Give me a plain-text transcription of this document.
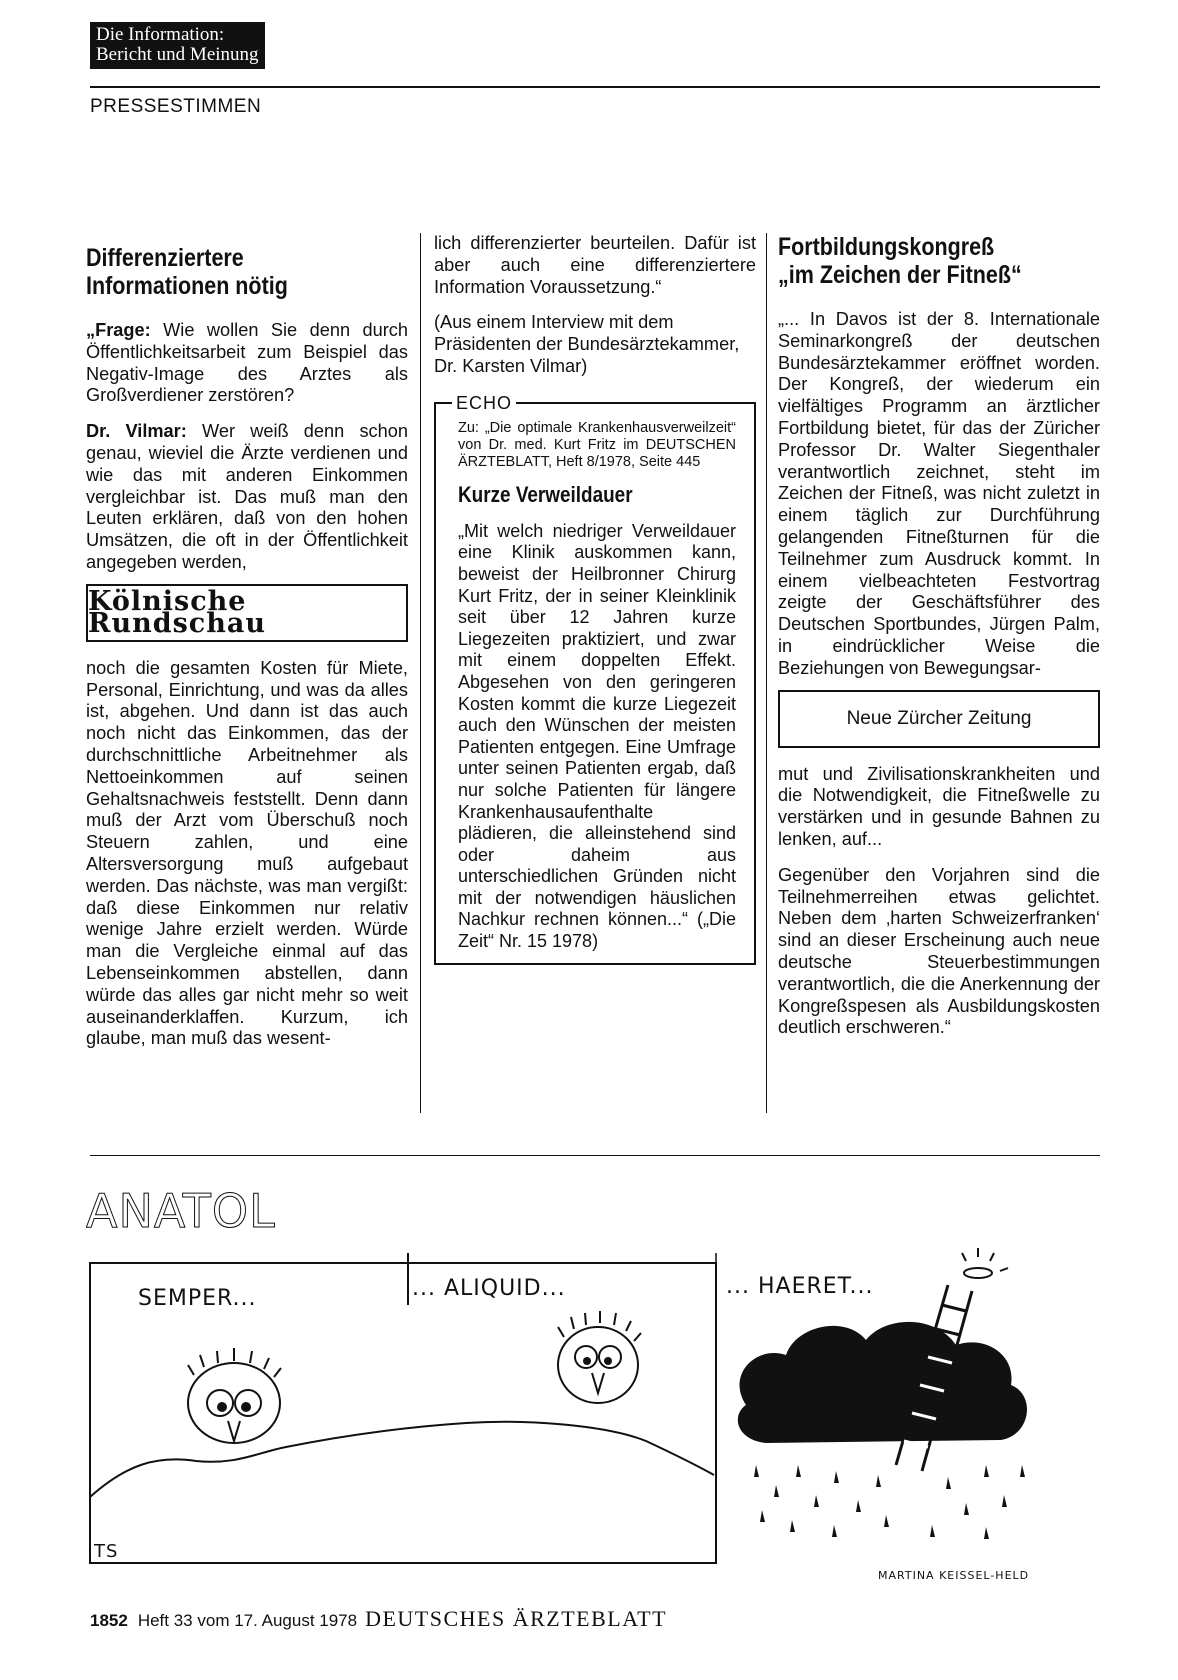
Die Information:
Bericht und Meinung
PRESSESTIMMEN
Differenziertere
Informationen nötig

„Frage: Wie wollen Sie denn durch Öffentlichkeitsarbeit zum Beispiel das Negativ-Image des Arztes als Großverdiener zerstören?

Dr. Vilmar: Wer weiß denn schon genau, wieviel die Ärzte verdienen und wie das mit anderen Einkommen vergleichbar ist. Das muß man den Leuten erklären, daß von den hohen Umsätzen, die oft in der Öffentlichkeit angegeben werden,

Kölnische Rundschau

noch die gesamten Kosten für Miete, Personal, Einrichtung, und was da alles ist, abgehen. Und dann ist das auch noch nicht das Einkommen, das der durchschnittliche Arbeitnehmer als Nettoeinkommen auf seinen Gehaltsnachweis feststellt. Denn dann muß der Arzt vom Überschuß noch Steuern zahlen, und eine Altersversorgung muß aufgebaut werden. Das nächste, was man vergißt: daß diese Einkommen nur relativ wenige Jahre erzielt werden. Würde man die Vergleiche einmal auf das Lebenseinkommen abstellen, dann würde das alles gar nicht mehr so weit auseinanderklaffen. Kurzum, ich glaube, man muß das wesent-

lich differenzierter beurteilen. Dafür ist aber auch eine differenziertere Information Voraussetzung.“

(Aus einem Interview mit dem Präsidenten der Bundesärztekammer, Dr. Karsten Vilmar)

ECHO
Zu: „Die optimale Krankenhausverweilzeit“ von Dr. med. Kurt Fritz im DEUTSCHEN ÄRZTEBLATT, Heft 8/1978, Seite 445
Kurze Verweildauer
„Mit welch niedriger Verweildauer eine Klinik auskommen kann, beweist der Heilbronner Chirurg Kurt Fritz, der in seiner Kleinklinik seit über 12 Jahren kurze Liegezeiten praktiziert, und zwar mit einem doppelten Effekt. Abgesehen von den geringeren Kosten kommt die kurze Liegezeit auch den Wünschen der meisten Patienten entgegen. Eine Umfrage unter seinen Patienten ergab, daß nur solche Patienten für längere Krankenhausaufenthalte plädieren, die alleinstehend sind oder daheim aus unterschiedlichen Gründen nicht mit der notwendigen häuslichen Nachkur rechnen können...“ („Die Zeit“ Nr. 15 1978)
Fortbildungskongreß
„im Zeichen der Fitneß“

„... In Davos ist der 8. Internationale Seminarkongreß der deutschen Bundesärztekammer eröffnet worden. Der Kongreß, der wiederum ein vielfältiges Programm an ärztlicher Fortbildung bietet, für das der Züricher Professor Dr. Walter Siegenthaler verantwortlich zeichnet, steht im Zeichen der Fitneß, was nicht zuletzt in einem täglich zur Durchführung gelangenden Fitneßturnen für die Teilnehmer zum Ausdruck kommt. In einem vielbeachteten Festvortrag zeigte der Geschäftsführer des Deutschen Sportbundes, Jürgen Palm, in eindrücklicher Weise die Beziehungen von Bewegungsar-

Neue Zürcher Zeitung

mut und Zivilisationskrankheiten und die Notwendigkeit, die Fitneßwelle zu verstärken und in gesunde Bahnen zu lenken, auf...

Gegenüber den Vorjahren sind die Teilnehmerreihen etwas gelichtet. Neben dem ‚harten Schweizerfranken‘ sind an dieser Erscheinung auch neue deutsche Steuerbestimmungen verantwortlich, die die Anerkennung der Kongreßspesen als Ausbildungskosten deutlich erschweren.“

ANATOL
SEMPER...
TS
... ALIQUID...	... HAERET...
MARTINA KEISSEL-HELD
1852 Heft 33 vom 17. August 1978 DEUTSCHES ÄRZTEBLATT
